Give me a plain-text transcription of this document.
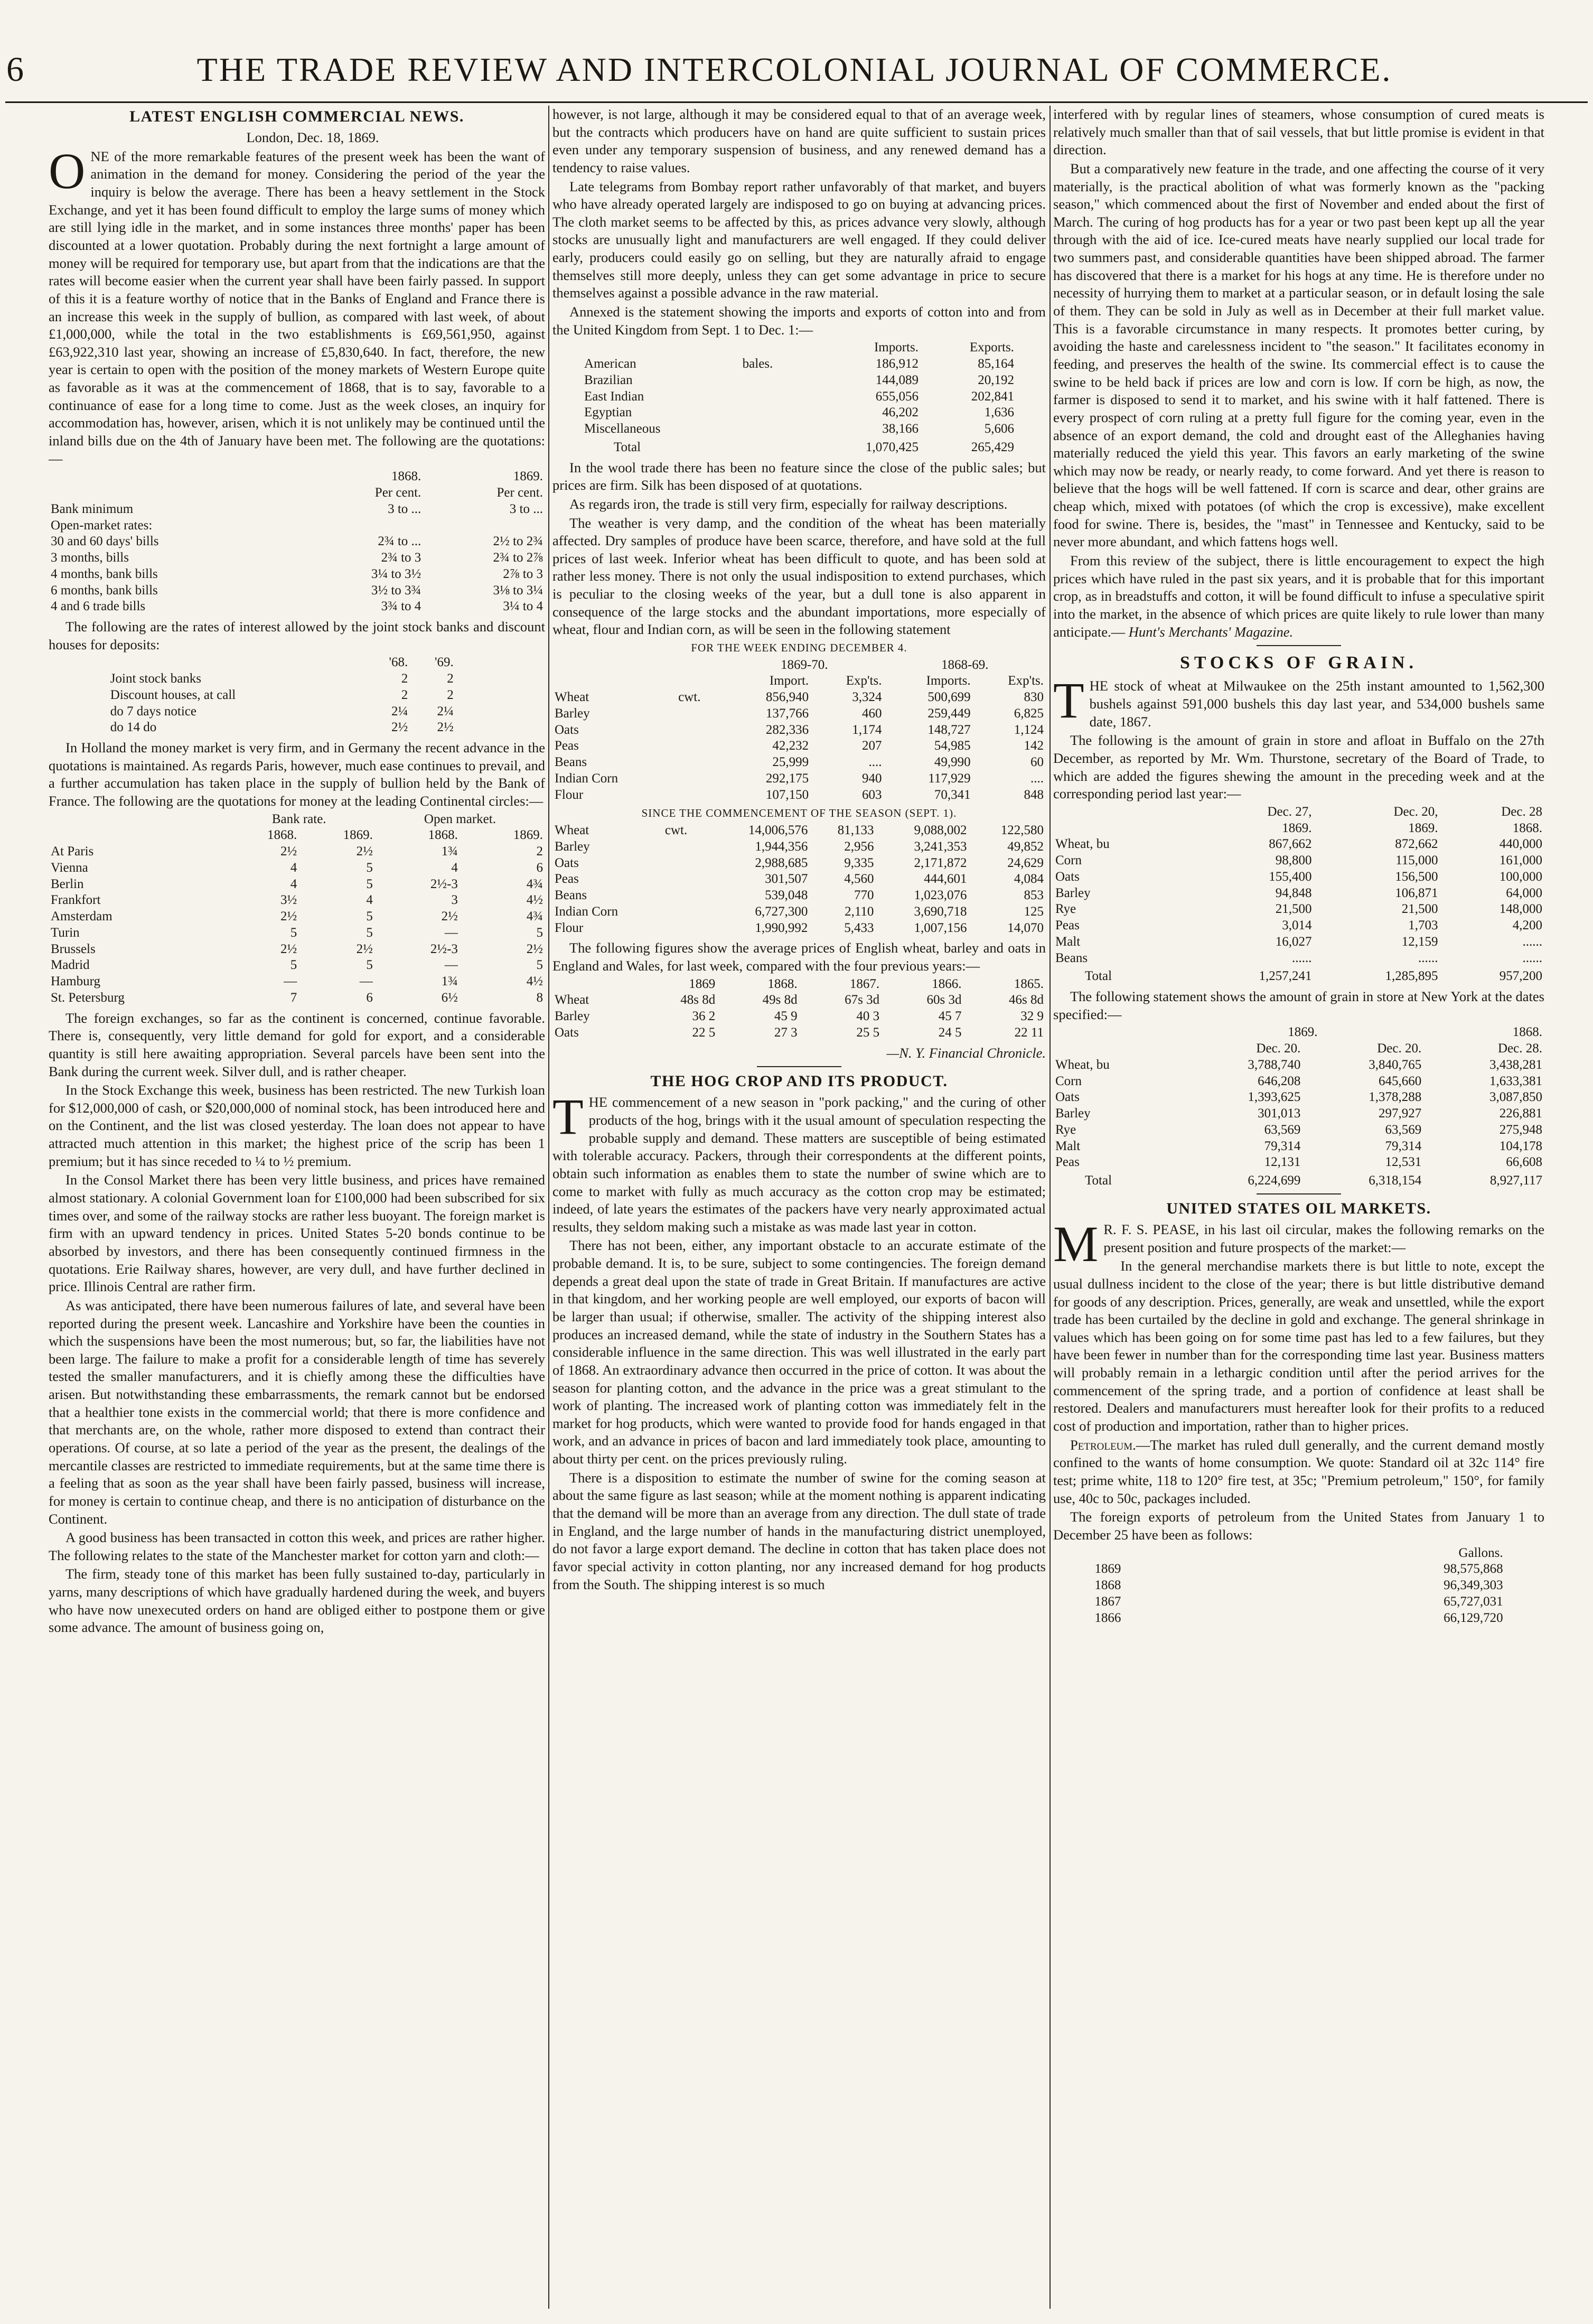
6	THE TRADE REVIEW AND INTERCOLONIAL JOURNAL OF COMMERCE.
LATEST ENGLISH COMMERCIAL NEWS.
London, Dec. 18, 1869.

ONE of the more remarkable features of the present week has been the want of animation in the demand for money. Considering the period of the year the inquiry is below the average. There has been a heavy settlement in the Stock Exchange, and yet it has been found difficult to employ the large sums of money which are still lying idle in the market, and in some instances three months' paper has been discounted at a lower quotation. Probably during the next fortnight a large amount of money will be required for temporary use, but apart from that the indications are that the rates will become easier when the current year shall have been fairly passed. In support of this it is a feature worthy of notice that in the Banks of England and France there is an increase this week in the supply of bullion, as compared with last week, of about £1,000,000, while the total in the two establishments is £69,561,950, against £63,922,310 last year, showing an increase of £5,830,640. In fact, therefore, the new year is certain to open with the position of the money markets of Western Europe quite as favorable as it was at the commencement of 1868, that is to say, favorable to a continuance of ease for a long time to come. Just as the week closes, an inquiry for accommodation has, however, arisen, which it is not unlikely may be continued until the inland bills due on the 4th of January have been met. The following are the quotations:—

	1868.	1869.
	Per cent.	Per cent.
Bank minimum	3 to ...	3 to ...
Open-market rates:		
30 and 60 days' bills	2¾ to ...	2½ to 2¾
3 months, bills	2¾ to 3	2¾ to 2⅞
4 months, bank bills	3¼ to 3½	2⅞ to 3
6 months, bank bills	3½ to 3¾	3⅛ to 3¼
4 and 6 trade bills	3¾ to 4	3¼ to 4

The following are the rates of interest allowed by the joint stock banks and discount houses for deposits:

	'68.	'69.
Joint stock banks	2	2
Discount houses, at call	2	2
do 7 days notice	2¼	2¼
do 14 do	2½	2½

In Holland the money market is very firm, and in Germany the recent advance in the quotations is maintained. As regards Paris, however, much ease continues to prevail, and a further accumulation has taken place in the supply of bullion held by the Bank of France. The following are the quotations for money at the leading Continental circles:—

	Bank rate.		Open market.	
	1868.	1869.	1868.	1869.
At Paris	2½	2½	1¾	2
Vienna	4	5	4	6
Berlin	4	5	2½-3	4¾
Frankfort	3½	4	3	4½
Amsterdam	2½	5	2½	4¾
Turin	5	5	—	5
Brussels	2½	2½	2½-3	2½
Madrid	5	5	—	5
Hamburg	—	—	1¾	4½
St. Petersburg	7	6	6½	8

The foreign exchanges, so far as the continent is concerned, continue favorable. There is, consequently, very little demand for gold for export, and a considerable quantity is still here awaiting appropriation. Several parcels have been sent into the Bank during the current week. Silver dull, and is rather cheaper.

In the Stock Exchange this week, business has been restricted. The new Turkish loan for $12,000,000 of cash, or $20,000,000 of nominal stock, has been introduced here and on the Continent, and the list was closed yesterday. The loan does not appear to have attracted much attention in this market; the highest price of the scrip has been 1 premium; but it has since receded to ¼ to ½ premium.

In the Consol Market there has been very little business, and prices have remained almost stationary. A colonial Government loan for £100,000 had been subscribed for six times over, and some of the railway stocks are rather less buoyant. The foreign market is firm with an upward tendency in prices. United States 5-20 bonds continue to be absorbed by investors, and there has been consequently continued firmness in the quotations. Erie Railway shares, however, are very dull, and have further declined in price. Illinois Central are rather firm.

As was anticipated, there have been numerous failures of late, and several have been reported during the present week. Lancashire and Yorkshire have been the counties in which the suspensions have been the most numerous; but, so far, the liabilities have not been large. The failure to make a profit for a considerable length of time has severely tested the smaller manufacturers, and it is chiefly among these the difficulties have arisen. But notwithstanding these embarrassments, the remark cannot but be endorsed that a healthier tone exists in the commercial world; that there is more confidence and that merchants are, on the whole, rather more disposed to extend than contract their operations. Of course, at so late a period of the year as the present, the dealings of the mercantile classes are restricted to immediate requirements, but at the same time there is a feeling that as soon as the year shall have been fairly passed, business will increase, for money is certain to continue cheap, and there is no anticipation of disturbance on the Continent.

A good business has been transacted in cotton this week, and prices are rather higher. The following relates to the state of the Manchester market for cotton yarn and cloth:—

The firm, steady tone of this market has been fully sustained to-day, particularly in yarns, many descriptions of which have gradually hardened during the week, and buyers who have now unexecuted orders on hand are obliged either to postpone them or give some advance. The amount of business going on,

however, is not large, although it may be considered equal to that of an average week, but the contracts which producers have on hand are quite sufficient to sustain prices even under any temporary suspension of business, and any renewed demand has a tendency to raise values.

Late telegrams from Bombay report rather unfavorably of that market, and buyers who have already operated largely are indisposed to go on buying at advancing prices. The cloth market seems to be affected by this, as prices advance very slowly, although stocks are unusually light and manufacturers are well engaged. If they could deliver early, producers could easily go on selling, but they are naturally afraid to engage themselves still more deeply, unless they can get some advantage in price to secure themselves against a possible advance in the raw material.

Annexed is the statement showing the imports and exports of cotton into and from the United Kingdom from Sept. 1 to Dec. 1:—

		Imports.	Exports.
American	bales.	186,912	85,164
Brazilian		144,089	20,192
East Indian		655,056	202,841
Egyptian		46,202	1,636
Miscellaneous		38,166	5,606
Total		1,070,425	265,429

In the wool trade there has been no feature since the close of the public sales; but prices are firm. Silk has been disposed of at quotations.

As regards iron, the trade is still very firm, especially for railway descriptions.

The weather is very damp, and the condition of the wheat has been materially affected. Dry samples of produce have been scarce, therefore, and have sold at the full prices of last week. Inferior wheat has been difficult to quote, and has been sold at rather less money. There is not only the usual indisposition to extend purchases, which is peculiar to the closing weeks of the year, but a dull tone is also apparent in consequence of the large stocks and the abundant importations, more especially of wheat, flour and Indian corn, as will be seen in the following statement

FOR THE WEEK ENDING DECEMBER 4.
		1869-70.		1868-69.	
		Import.	Exp'ts.	Imports.	Exp'ts.
Wheat	cwt.	856,940	3,324	500,699	830
Barley		137,766	460	259,449	6,825
Oats		282,336	1,174	148,727	1,124
Peas		42,232	207	54,985	142
Beans		25,999	....	49,990	60
Indian Corn		292,175	940	117,929	....
Flour		107,150	603	70,341	848
SINCE THE COMMENCEMENT OF THE SEASON (SEPT. 1).
Wheat	cwt.	14,006,576	81,133	9,088,002	122,580
Barley		1,944,356	2,956	3,241,353	49,852
Oats		2,988,685	9,335	2,171,872	24,629
Peas		301,507	4,560	444,601	4,084
Beans		539,048	770	1,023,076	853
Indian Corn		6,727,300	2,110	3,690,718	125
Flour		1,990,992	5,433	1,007,156	14,070

The following figures show the average prices of English wheat, barley and oats in England and Wales, for last week, compared with the four previous years:—

	1869	1868.	1867.	1866.	1865.
Wheat	48s 8d	49s 8d	67s 3d	60s 3d	46s 8d
Barley	36 2	45 9	40 3	45 7	32 9
Oats	22 5	27 3	25 5	24 5	22 11
—N. Y. Financial Chronicle.
THE HOG CROP AND ITS PRODUCT.

THE commencement of a new season in "pork packing," and the curing of other products of the hog, brings with it the usual amount of speculation respecting the probable supply and demand. These matters are susceptible of being estimated with tolerable accuracy. Packers, through their correspondents at the different points, obtain such information as enables them to state the number of swine which are to come to market with fully as much accuracy as the cotton crop may be estimated; indeed, of late years the estimates of the packers have very nearly approximated actual results, they seldom making such a mistake as was made last year in cotton.

There has not been, either, any important obstacle to an accurate estimate of the probable demand. It is, to be sure, subject to some contingencies. The foreign demand depends a great deal upon the state of trade in Great Britain. If manufactures are active in that kingdom, and her working people are well employed, our exports of bacon will be larger than usual; if otherwise, smaller. The activity of the shipping interest also produces an increased demand, while the state of industry in the Southern States has a considerable influence in the same direction. This was well illustrated in the early part of 1868. An extraordinary advance then occurred in the price of cotton. It was about the season for planting cotton, and the advance in the price was a great stimulant to the work of planting. The increased work of planting cotton was immediately felt in the market for hog products, which were wanted to provide food for hands engaged in that work, and an advance in prices of bacon and lard immediately took place, amounting to about thirty per cent. on the prices previously ruling.

There is a disposition to estimate the number of swine for the coming season at about the same figure as last season; while at the moment nothing is apparent indicating that the demand will be more than an average from any direction. The dull state of trade in England, and the large number of hands in the manufacturing district unemployed, do not favor a large export demand. The decline in cotton that has taken place does not favor special activity in cotton planting, nor any increased demand for hog products from the South. The shipping interest is so much

interfered with by regular lines of steamers, whose consumption of cured meats is relatively much smaller than that of sail vessels, that but little promise is evident in that direction.

But a comparatively new feature in the trade, and one affecting the course of it very materially, is the practical abolition of what was formerly known as the "packing season," which commenced about the first of November and ended about the first of March. The curing of hog products has for a year or two past been kept up all the year through with the aid of ice. Ice-cured meats have nearly supplied our local trade for two summers past, and considerable quantities have been shipped abroad. The farmer has discovered that there is a market for his hogs at any time. He is therefore under no necessity of hurrying them to market at a particular season, or in default losing the sale of them. They can be sold in July as well as in December at their full market value. This is a favorable circumstance in many respects. It promotes better curing, by avoiding the haste and carelessness incident to "the season." It facilitates economy in feeding, and preserves the health of the swine. Its commercial effect is to cause the swine to be held back if prices are low and corn is low. If corn be high, as now, the farmer is disposed to send it to market, and his swine with it half fattened. There is every prospect of corn ruling at a pretty full figure for the coming year, even in the absence of an export demand, the cold and drought east of the Alleghanies having materially reduced the yield this year. This favors an early marketing of the swine which may now be ready, or nearly ready, to come forward. And yet there is reason to believe that the hogs will be well fattened. If corn is scarce and dear, other grains are cheap which, mixed with potatoes (of which the crop is excessive), make excellent food for swine. There is, besides, the "mast" in Tennessee and Kentucky, said to be never more abundant, and which fattens hogs well.

From this review of the subject, there is little encouragement to expect the high prices which have ruled in the past six years, and it is probable that for this important crop, as in breadstuffs and cotton, it will be found difficult to infuse a speculative spirit into the market, in the absence of which prices are quite likely to rule lower than many anticipate.— Hunt's Merchants' Magazine.

STOCKS OF GRAIN.

THE stock of wheat at Milwaukee on the 25th instant amounted to 1,562,300 bushels against 591,000 bushels this day last year, and 534,000 bushels same date, 1867.

The following is the amount of grain in store and afloat in Buffalo on the 27th December, as reported by Mr. Wm. Thurstone, secretary of the Board of Trade, to which are added the figures shewing the amount in the preceding week and at the corresponding period last year:—

	Dec. 27,	Dec. 20,	Dec. 28
	1869.	1869.	1868.
Wheat, bu	867,662	872,662	440,000
Corn	98,800	115,000	161,000
Oats	155,400	156,500	100,000
Barley	94,848	106,871	64,000
Rye	21,500	21,500	148,000
Peas	3,014	1,703	4,200
Malt	16,027	12,159	......
Beans	......	......	......
Total	1,257,241	1,285,895	957,200

The following statement shows the amount of grain in store at New York at the dates specified:—

	1869.		1868.
	Dec. 20.	Dec. 20.	Dec. 28.
Wheat, bu	3,788,740	3,840,765	3,438,281
Corn	646,208	645,660	1,633,381
Oats	1,393,625	1,378,288	3,087,850
Barley	301,013	297,927	226,881
Rye	63,569	63,569	275,948
Malt	79,314	79,314	104,178
Peas	12,131	12,531	66,608
Total	6,224,699	6,318,154	8,927,117
UNITED STATES OIL MARKETS.

M R. F. S. PEASE, in his last oil circular, makes the following remarks on the present position and future prospects of the market:—

In the general merchandise markets there is but little to note, except the usual dullness incident to the close of the year; there is but little distributive demand for goods of any description. Prices, generally, are weak and unsettled, while the export trade has been curtailed by the decline in gold and exchange. The general shrinkage in values which has been going on for some time past has led to a few failures, but they have been fewer in number than for the corresponding time last year. Business matters will probably remain in a lethargic condition until after the period arrives for the commencement of the spring trade, and a portion of confidence at least shall be restored. Dealers and manufacturers must hereafter look for their profits to a reduced cost of production and importation, rather than to higher prices.

Petroleum.—The market has ruled dull generally, and the current demand mostly confined to the wants of home consumption. We quote: Standard oil at 32c 114° fire test; prime white, 118 to 120° fire test, at 35c; "Premium petroleum," 150°, for family use, 40c to 50c, packages included.

The foreign exports of petroleum from the United States from January 1 to December 25 have been as follows:

	Gallons.
1869	98,575,868
1868	96,349,303
1867	65,727,031
1866	66,129,720
